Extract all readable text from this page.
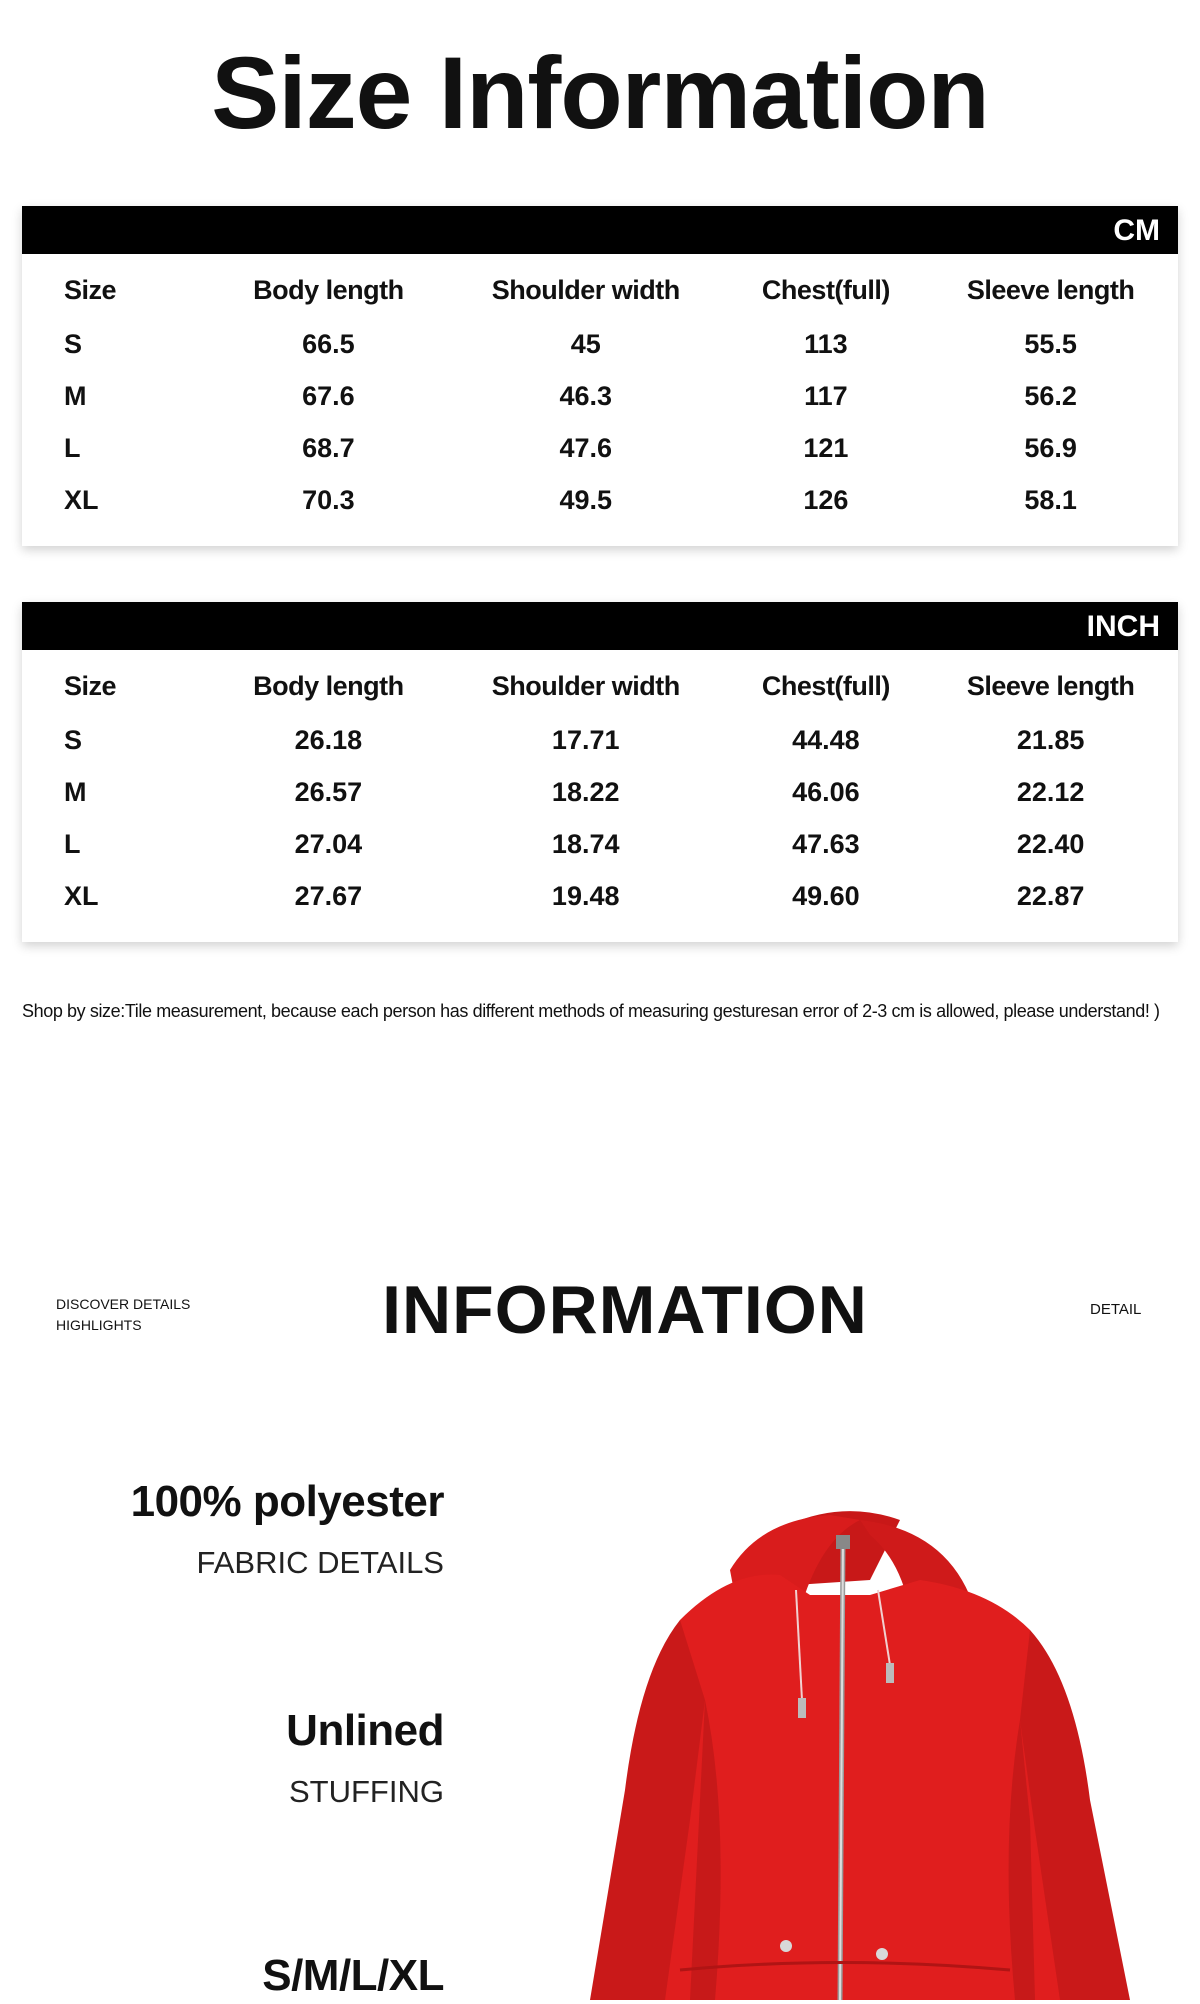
Size Information
CM
Size	Body length	Shoulder width	Chest(full)	Sleeve length
S	66.5	45	113	55.5
M	67.6	46.3	117	56.2
L	68.7	47.6	121	56.9
XL	70.3	49.5	126	58.1
INCH
Size	Body length	Shoulder width	Chest(full)	Sleeve length
S	26.18	17.71	44.48	21.85
M	26.57	18.22	46.06	22.12
L	27.04	18.74	47.63	22.40
XL	27.67	19.48	49.60	22.87
Shop by size:Tile measurement, because each person has different methods of measuring gesturesan error of 2-3 cm is allowed, please understand! )
DISCOVER DETAILS
HIGHLIGHTS	INFORMATION	DETAIL
100% polyester
FABRIC DETAILS
Unlined
STUFFING
S/M/L/XL
